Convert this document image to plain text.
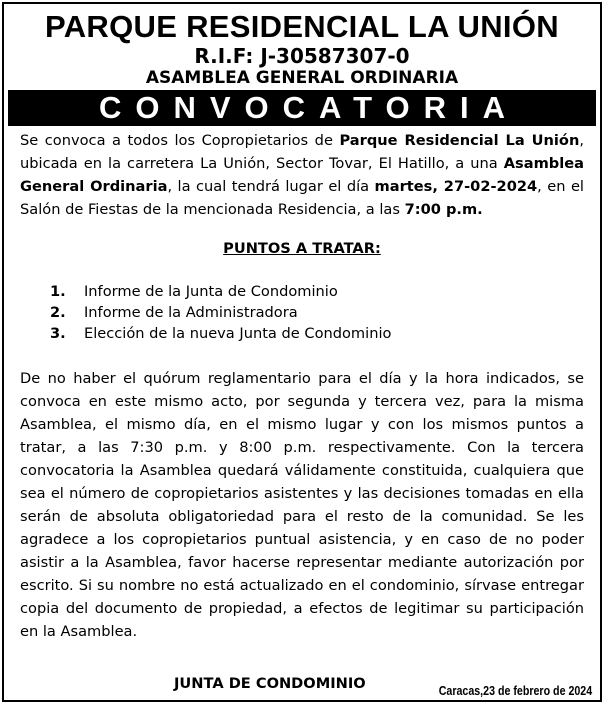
PARQUE RESIDENCIAL LA UNIÓN
R.I.F: J-30587307-0
ASAMBLEA GENERAL ORDINARIA
CONVOCATORIA
Se convoca a todos los Copropietarios de Parque Residencial La Unión, ubicada en la carretera La Unión, Sector Tovar, El Hatillo, a una Asamblea General Ordinaria, la cual tendrá lugar el día martes, 27-02-2024, en el Salón de Fiestas de la mencionada Residencia, a las 7:00 p.m.
PUNTOS A TRATAR:
1.	Informe de la Junta de Condominio
2.	Informe de la Administradora
3.	Elección de la nueva Junta de Condominio
De no haber el quórum reglamentario para el día y la hora indicados, se convoca en este mismo acto, por segunda y tercera vez, para la misma Asamblea, el mismo día, en el mismo lugar y con los mismos puntos a tratar, a las 7:30 p.m. y 8:00 p.m. respectivamente. Con la tercera convocatoria la Asamblea quedará válidamente constituida, cualquiera que sea el número de copropietarios asistentes y las decisiones tomadas en ella serán de absoluta obligatoriedad para el resto de la comunidad. Se les agradece a los copropietarios puntual asistencia, y en caso de no poder asistir a la Asamblea, favor hacerse representar mediante autorización por escrito. Si su nombre no está actualizado en el condominio, sírvase entregar copia del documento de propiedad, a efectos de legitimar su participación en la Asamblea.
JUNTA DE CONDOMINIO	Caracas,23 de febrero de 2024
